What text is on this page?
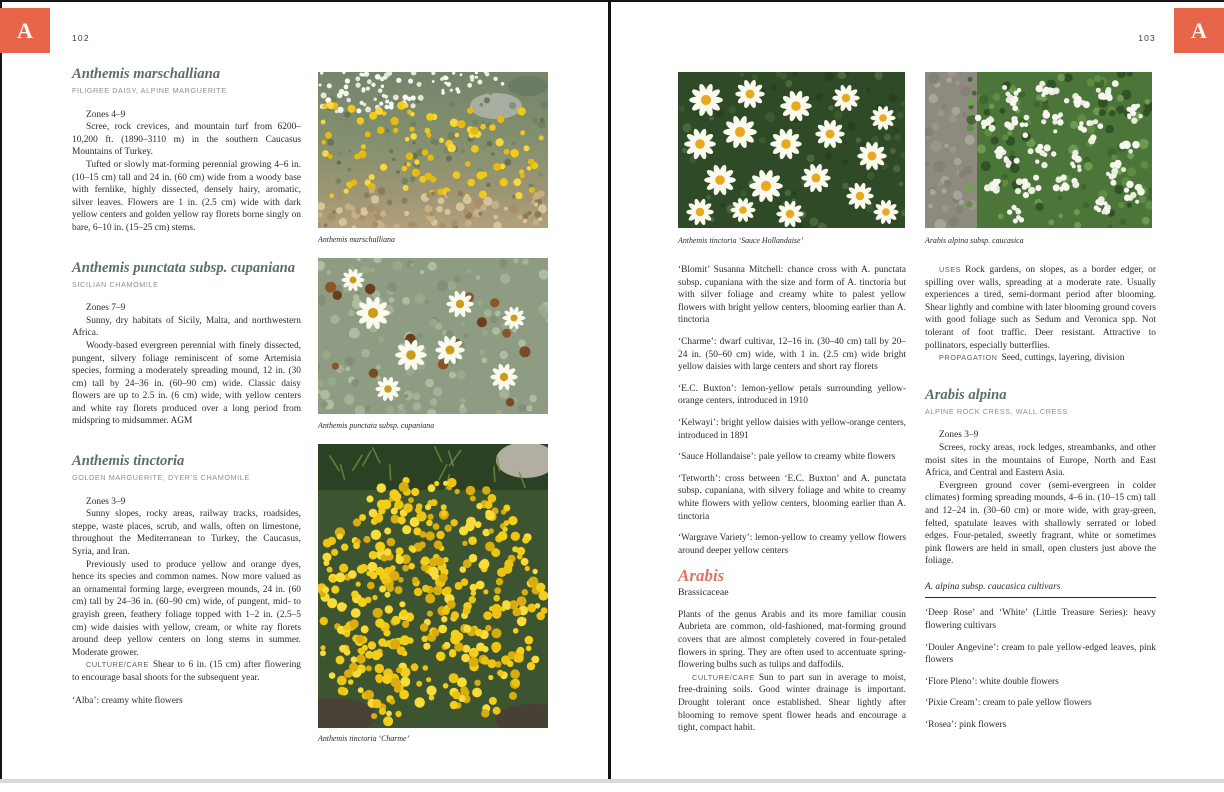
A	A
102	103
Anthemis marschalliana
FILIGREE DAISY, ALPINE MARGUERITE

Zones 4–9

Scree, rock crevices, and mountain turf from 6200–10,200 ft. (1890–3110 m) in the southern Caucasus Mountains of Turkey.

Tufted or slowly mat-forming perennial growing 4–6 in. (10–15 cm) tall and 24 in. (60 cm) wide from a woody base with fernlike, highly dissected, densely hairy, aromatic, silver leaves. Flowers are 1 in. (2.5 cm) wide with dark yellow centers and golden yellow ray florets borne singly on bare, 6–10 in. (15–25 cm) stems.

Anthemis punctata subsp. cupaniana
SICILIAN CHAMOMILE

Zones 7–9

Sunny, dry habitats of Sicily, Malta, and northwestern Africa.

Woody-based evergreen perennial with finely dissected, pungent, silvery foliage reminiscent of some Artemisia species, forming a moderately spreading mound, 12 in. (30 cm) tall by 24–36 in. (60–90 cm) wide. Classic daisy flowers are up to 2.5 in. (6 cm) wide, with yellow centers and white ray florets produced over a long period from midspring to midsummer. AGM

Anthemis tinctoria
GOLDEN MARGUERITE, DYER’S CHAMOMILE

Zones 3–9

Sunny slopes, rocky areas, railway tracks, roadsides, steppe, waste places, scrub, and walls, often on limestone, throughout the Mediterranean to Turkey, the Caucasus, Syria, and Iran.

Previously used to produce yellow and orange dyes, hence its species and common names. Now more valued as an ornamental forming large, evergreen mounds, 24 in. (60 cm) tall by 24–36 in. (60–90 cm) wide, of pungent, mid- to grayish green, feathery foliage topped with 1–2 in. (2.5–5 cm) wide daisies with yellow, cream, or white ray florets around deep yellow centers on long stems in summer. Moderate grower.

CULTURE/CARE Shear to 6 in. (15 cm) after flowering to encourage basal shoots for the subsequent year.

‘Alba’: creamy white flowers

Anthemis marschalliana
Anthemis punctata subsp. cupaniana
Anthemis tinctoria ‘Charme’
Anthemis tinctoria ‘Sauce Hollandaise’	Arabis alpina subsp. caucasica

‘Blomit’ Susanna Mitchell: chance cross with A. punctata subsp. cupaniana with the size and form of A. tinctoria but with silver foliage and creamy white to palest yellow flowers with bright yellow centers, blooming earlier than A. tinctoria

‘Charme’: dwarf cultivar, 12–16 in. (30–40 cm) tall by 20–24 in. (50–60 cm) wide, with 1 in. (2.5 cm) wide bright yellow daisies with large centers and short ray florets

‘E.C. Buxton’: lemon-yellow petals surrounding yellow-orange centers, introduced in 1910

‘Kelwayi’: bright yellow daisies with yellow-orange centers, introduced in 1891

‘Sauce Hollandaise’: pale yellow to creamy white flowers

‘Tetworth’: cross between ‘E.C. Buxton’ and A. punctata subsp. cupaniana, with silvery foliage and white to creamy white flowers with yellow centers, blooming earlier than A. tinctoria

‘Wargrave Variety’: lemon-yellow to creamy yellow flowers around deeper yellow centers

Arabis

Brassicaceae

Plants of the genus Arabis and its more familiar cousin Aubrieta are common, old-fashioned, mat-forming ground covers that are almost completely covered in four-petaled flowers in spring. They are often used to accentuate spring-flowering bulbs such as tulips and daffodils.

CULTURE/CARE Sun to part sun in average to moist, free-draining soils. Good winter drainage is important. Drought tolerant once established. Shear lightly after blooming to remove spent flower heads and encourage a tight, compact habit.

USES Rock gardens, on slopes, as a border edger, or spilling over walls, spreading at a moderate rate. Usually experiences a tired, semi-dormant period after blooming. Shear lightly and combine with later blooming ground covers with good foliage such as Sedum and Veronica spp. Not tolerant of foot traffic. Deer resistant. Attractive to pollinators, especially butterflies.

PROPAGATION Seed, cuttings, layering, division

Arabis alpina
ALPINE ROCK CRESS, WALL CRESS

Zones 3–9

Screes, rocky areas, rock ledges, streambanks, and other moist sites in the mountains of Europe, North and East Africa, and Central and Eastern Asia.

Evergreen ground cover (semi-evergreen in colder climates) forming spreading mounds, 4–6 in. (10–15 cm) tall and 12–24 in. (30–60 cm) or more wide, with gray-green, felted, spatulate leaves with shallowly serrated or lobed edges. Four-petaled, sweetly fragrant, white or sometimes pink flowers are held in small, open clusters just above the foliage.

A. alpina subsp. caucasica cultivars

‘Deep Rose’ and ‘White’ (Little Treasure Series): heavy flowering cultivars

‘Douler Angevine’: cream to pale yellow-edged leaves, pink flowers

‘Flore Pleno’: white double flowers

‘Pixie Cream’: cream to pale yellow flowers

‘Rosea’: pink flowers
